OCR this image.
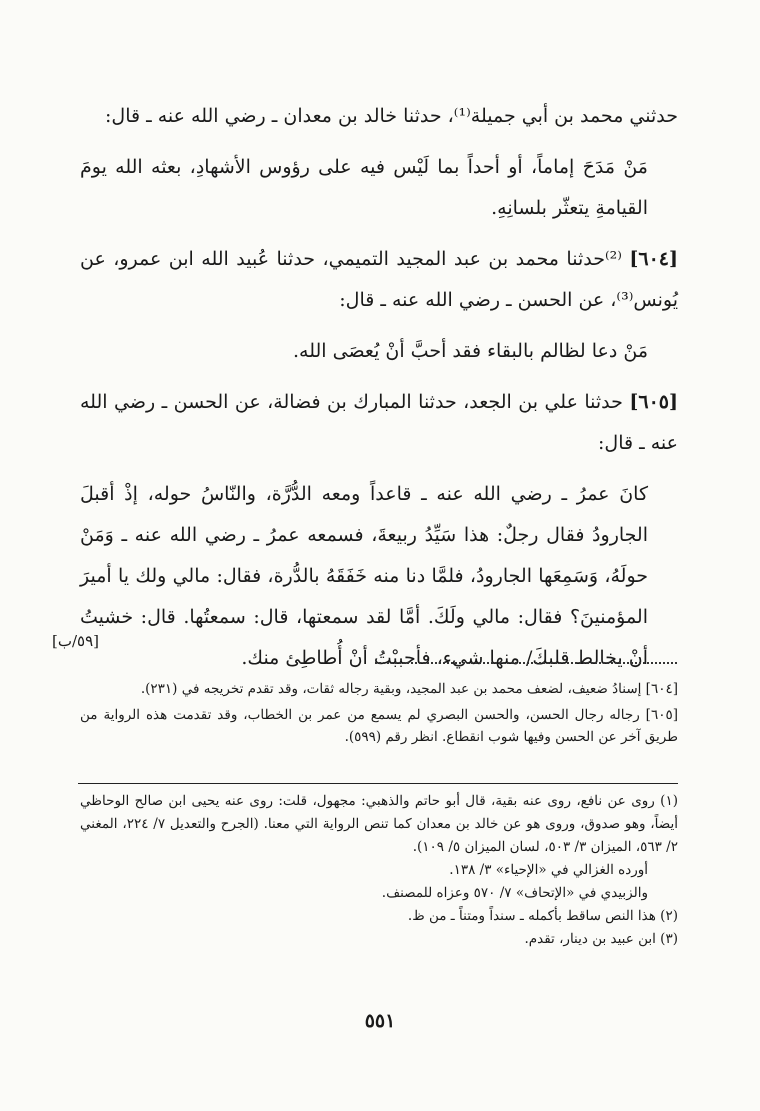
حدثني محمد بن أبي جميلة⁽¹⁾، حدثنا خالد بن معدان ـ رضي الله عنه ـ قال:

مَنْ مَدَحَ إماماً، أو أحداً بما لَيْس فيه على رؤوس الأشهادِ، بعثه الله يومَ القيامةِ يتعثّر بلسانِهِ.

[٦٠٤] ⁽²⁾حدثنا محمد بن عبد المجيد التميمي، حدثنا عُبيد الله ابن عمرو، عن يُونس⁽³⁾، عن الحسن ـ رضي الله عنه ـ قال:

مَنْ دعا لظالم بالبقاء فقد أحبَّ أنْ يُعصَى الله.

[٦٠٥] حدثنا علي بن الجعد، حدثنا المبارك بن فضالة، عن الحسن ـ رضي الله عنه ـ قال:

كانَ عمرُ ـ رضي الله عنه ـ قاعداً ومعه الدُّرَّة، والنّاسُ حوله، إذْ أقبلَ الجارودُ فقال رجلٌ: هذا سَيِّدُ ربيعةَ، فسمعه عمرُ ـ رضي الله عنه ـ وَمَنْ حولَهُ، وَسَمِعَها الجارودُ، فلمَّا دنا منه خَفَقَهُ بالدُّرة، فقال: مالي ولك يا أميرَ المؤمنينَ؟ فقال: مالي ولَكَ. أمَّا لقد سمعتها، قال: سمعتُها. قال: خشيتُ أنْ يخالط قلبكَ/ منها شيء، فأحببْتُ أنْ أُطاطِئ منك.

[٥٩/ب]

[٦٠٤] إسنادُ ضعيف، لضعف محمد بن عبد المجيد، وبقية رجاله ثقات، وقد تقدم تخريجه في (٢٣١).

[٦٠٥] رجاله رجال الحسن، والحسن البصري لم يسمع من عمر بن الخطاب، وقد تقدمت هذه الرواية من طريق آخر عن الحسن وفيها شوب انقطاع. انظر رقم (٥٩٩).

(١) روى عن نافع، روى عنه بقية، قال أبو حاتم والذهبي: مجهول، قلت: روى عنه يحيى ابن صالح الوحاظي أيضاً، وهو صدوق، وروى هو عن خالد بن معدان كما تنص الرواية التي معنا. (الجرح والتعديل ٧/ ٢٢٤، المغني ٢/ ٥٦٣، الميزان ٣/ ٥٠٣، لسان الميزان ٥/ ١٠٩).

أورده الغزالي في «الإحياء» ٣/ ١٣٨.

والزبيدي في «الإتحاف» ٧/ ٥٧٠ وعزاه للمصنف.

(٢) هذا النص ساقط بأكمله ـ سنداً ومتناً ـ من ظ.

(٣) ابن عبيد بن دينار، تقدم.

٥٥١
